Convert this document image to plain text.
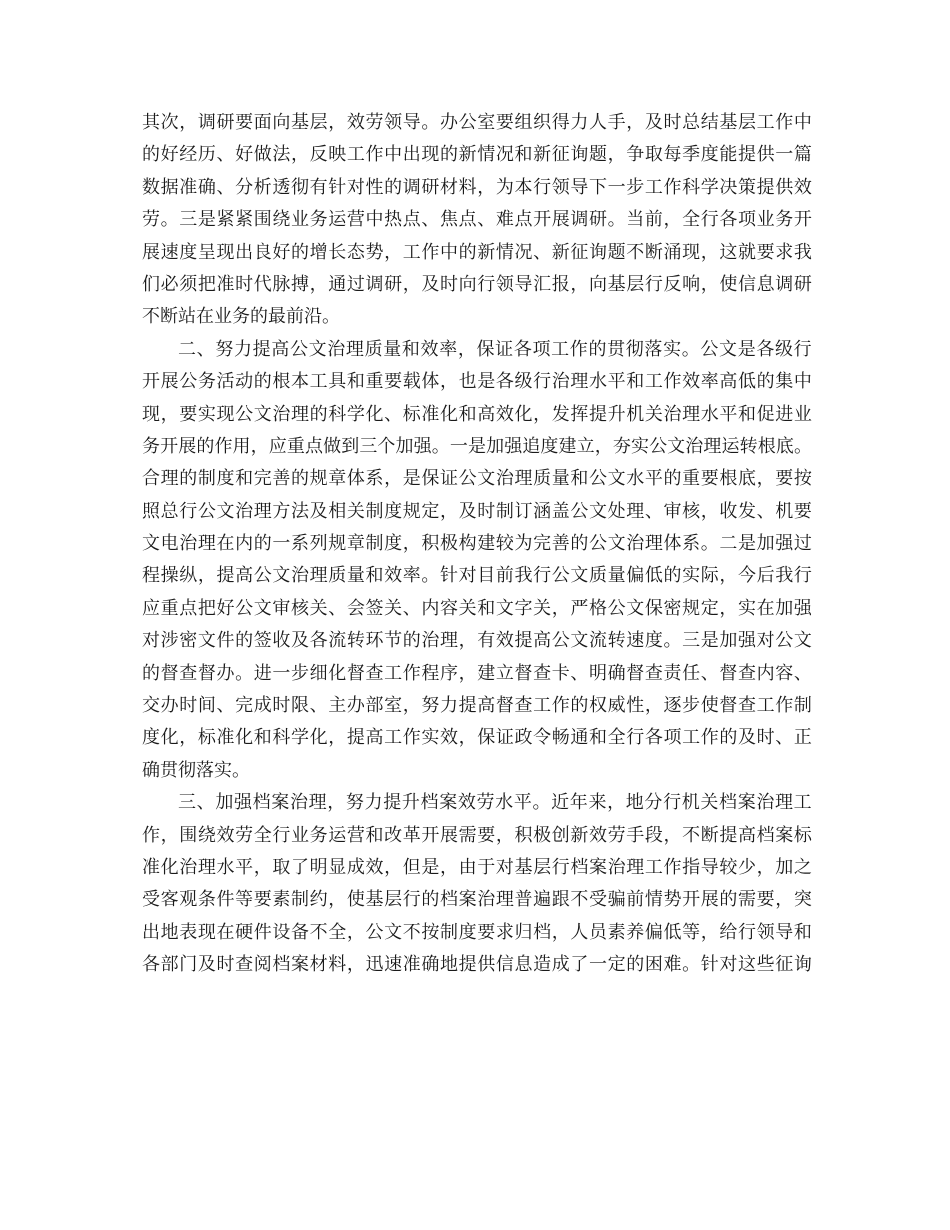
其 次 ， 调 研 要 面 向 基 层 ， 效 劳 领 导 。 办 公 室 要 组 织 得 力 人 手 ， 及 时 总 结 基 层 工 作 中
的 好 经 历 、 好 做 法 ， 反 映 工 作 中 出 现 的 新 情 况 和 新 征 询 题 ， 争 取 每 季 度 能 提 供 一 篇
数 据 准 确 、 分 析 透 彻 有 针 对 性 的 调 研 材 料 ， 为 本 行 领 导 下 一 步 工 作 科 学 决 策 提 供 效
劳 。 三 是 紧 紧 围 绕 业 务 运 营 中 热 点 、 焦 点 、 难 点 开 展 调 研 。 当 前 ， 全 行 各 项 业 务 开
展 速 度 呈 现 出 良 好 的 增 长 态 势 ， 工 作 中 的 新 情 况 、 新 征 询 题 不 断 涌 现 ， 这 就 要 求 我
们 必 须 把 准 时 代 脉 搏 ， 通 过 调 研 ， 及 时 向 行 领 导 汇 报 ， 向 基 层 行 反 响 ， 使 信 息 调 研
不断站在业务的最前沿。
二 、 努 力 提 高 公 文 治 理 质 量 和 效 率 ， 保 证 各 项 工 作 的 贯 彻 落 实 。 公 文 是 各 级 行
开 展 公 务 活 动 的 根 本 工 具 和 重 要 载 体 ， 也 是 各 级 行 治 理 水 平 和 工 作 效 率 高 低 的 集 中
现 ， 要 实 现 公 文 治 理 的 科 学 化 、 标 准 化 和 高 效 化 ， 发 挥 提 升 机 关 治 理 水 平 和 促 进 业
务 开 展 的 作 用 ， 应 重 点 做 到 三 个 加 强 。 一 是 加 强 追 度 建 立 ， 夯 实 公 文 治 理 运 转 根 底 。
合 理 的 制 度 和 完 善 的 规 章 体 系 ， 是 保 证 公 文 治 理 质 量 和 公 文 水 平 的 重 要 根 底 ， 要 按
照 总 行 公 文 治 理 方 法 及 相 关 制 度 规 定 ， 及 时 制 订 涵 盖 公 文 处 理 、 审 核 ， 收 发 、 机 要
文 电 治 理 在 内 的 一 系 列 规 章 制 度 ， 积 极 构 建 较 为 完 善 的 公 文 治 理 体 系 。 二 是 加 强 过
程 操 纵 ， 提 高 公 文 治 理 质 量 和 效 率 。 针 对 目 前 我 行 公 文 质 量 偏 低 的 实 际 ， 今 后 我 行
应 重 点 把 好 公 文 审 核 关 、 会 签 关 、 内 容 关 和 文 字 关 ， 严 格 公 文 保 密 规 定 ， 实 在 加 强
对 涉 密 文 件 的 签 收 及 各 流 转 环 节 的 治 理 ， 有 效 提 高 公 文 流 转 速 度 。 三 是 加 强 对 公 文
的 督 查 督 办 。 进 一 步 细 化 督 查 工 作 程 序 ， 建 立 督 查 卡 、 明 确 督 查 责 任 、 督 查 内 容 、
交 办 时 间 、 完 成 时 限 、 主 办 部 室 ， 努 力 提 高 督 查 工 作 的 权 威 性 ， 逐 步 使 督 查 工 作 制
度 化 ， 标 准 化 和 科 学 化 ， 提 高 工 作 实 效 ， 保 证 政 令 畅 通 和 全 行 各 项 工 作 的 及 时 、 正
确贯彻落实。
三 、 加 强 档 案 治 理 ， 努 力 提 升 档 案 效 劳 水 平 。 近 年 来 ， 地 分 行 机 关 档 案 治 理 工
作 ， 围 绕 效 劳 全 行 业 务 运 营 和 改 革 开 展 需 要 ， 积 极 创 新 效 劳 手 段 ， 不 断 提 高 档 案 标
准 化 治 理 水 平 ， 取 了 明 显 成 效 ， 但 是 ， 由 于 对 基 层 行 档 案 治 理 工 作 指 导 较 少 ， 加 之
受 客 观 条 件 等 要 素 制 约 ， 使 基 层 行 的 档 案 治 理 普 遍 跟 不 受 骗 前 情 势 开 展 的 需 要 ， 突
出 地 表 现 在 硬 件 设 备 不 全 ， 公 文 不 按 制 度 要 求 归 档 ， 人 员 素 养 偏 低 等 ， 给 行 领 导 和
各 部 门 及 时 查 阅 档 案 材 料 ， 迅 速 准 确 地 提 供 信 息 造 成 了 一 定 的 困 难 。 针 对 这 些 征 询
